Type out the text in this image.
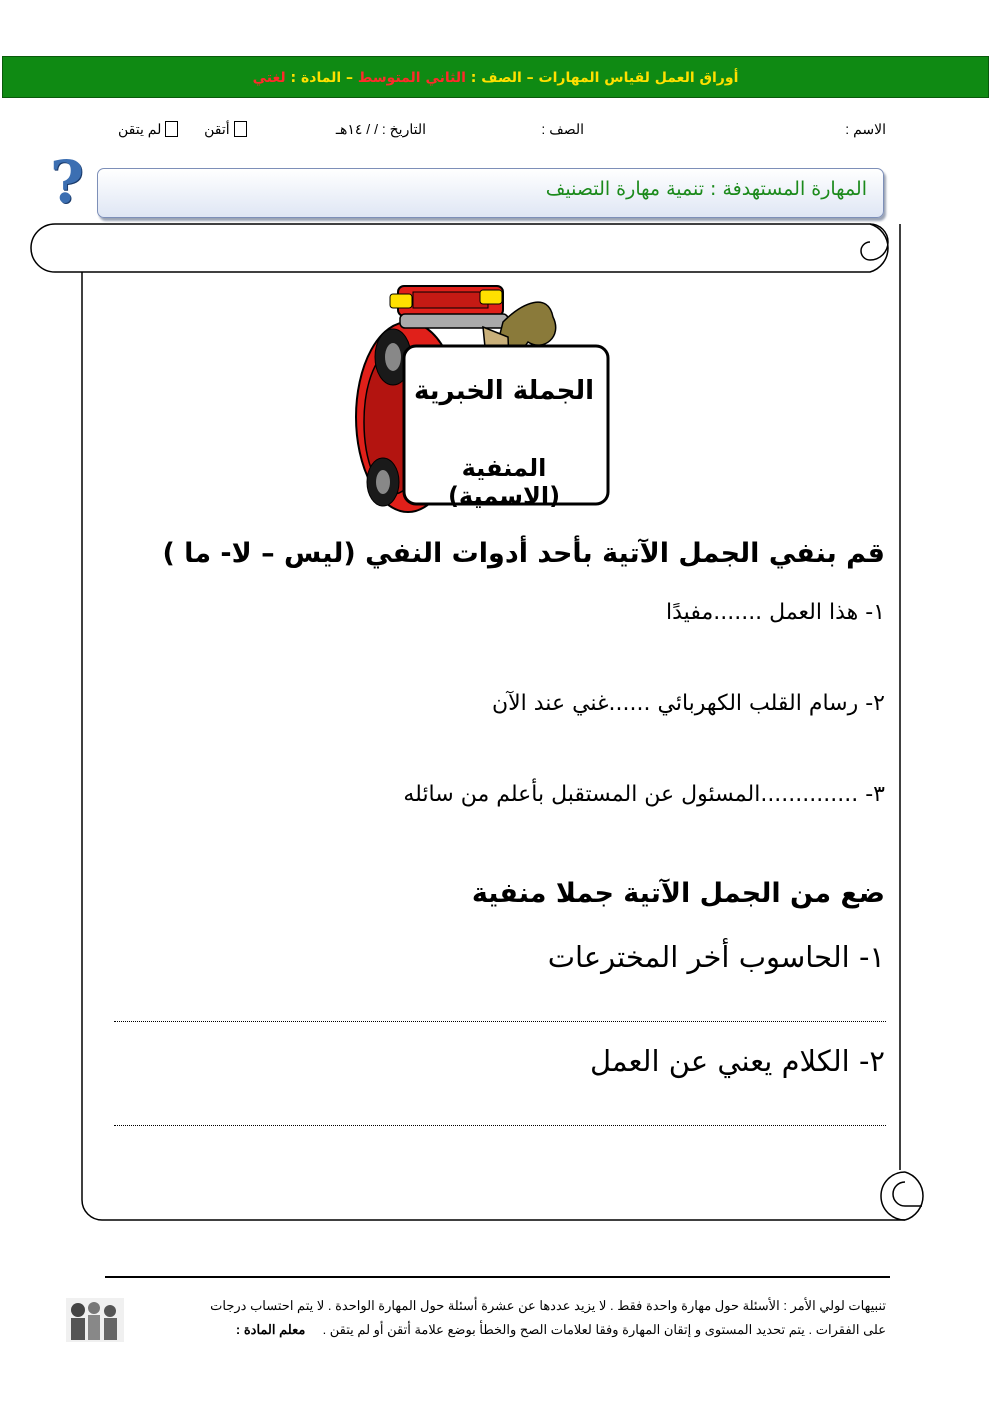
أوراق العمل لقياس المهارات – الصف : الثاني المتوسط – المادة : لغتي
الاسم :
الصف :
التاريخ : / / ١٤هـ
أتقن  لم يتقن
?	المهارة المستهدفة : تنمية مهارة التصنيف
الجملة الخبرية
المنفية (الاسمية)
قم بنفي الجمل الآتية بأحد أدوات النفي (ليس – لا- ما )
١- هذا العمل .......مفيدًا
٢- رسام القلب الكهربائي ......غني عند الآن
٣- ..............المسئول عن المستقبل بأعلم من سائله
ضع من الجمل الآتية جملا منفية
١- الحاسوب أخر المخترعات
٢- الكلام يعني عن العمل
تنبيهات لولي الأمر : الأسئلة حول مهارة واحدة فقط . لا يزيد عددها عن عشرة أسئلة حول المهارة الواحدة . لا يتم احتساب درجات
على الفقرات . يتم تحديد المستوى و إتقان المهارة وفقا لعلامات الصح والخطأ بوضع علامة أتقن أو لم يتقن .  معلم المادة :
